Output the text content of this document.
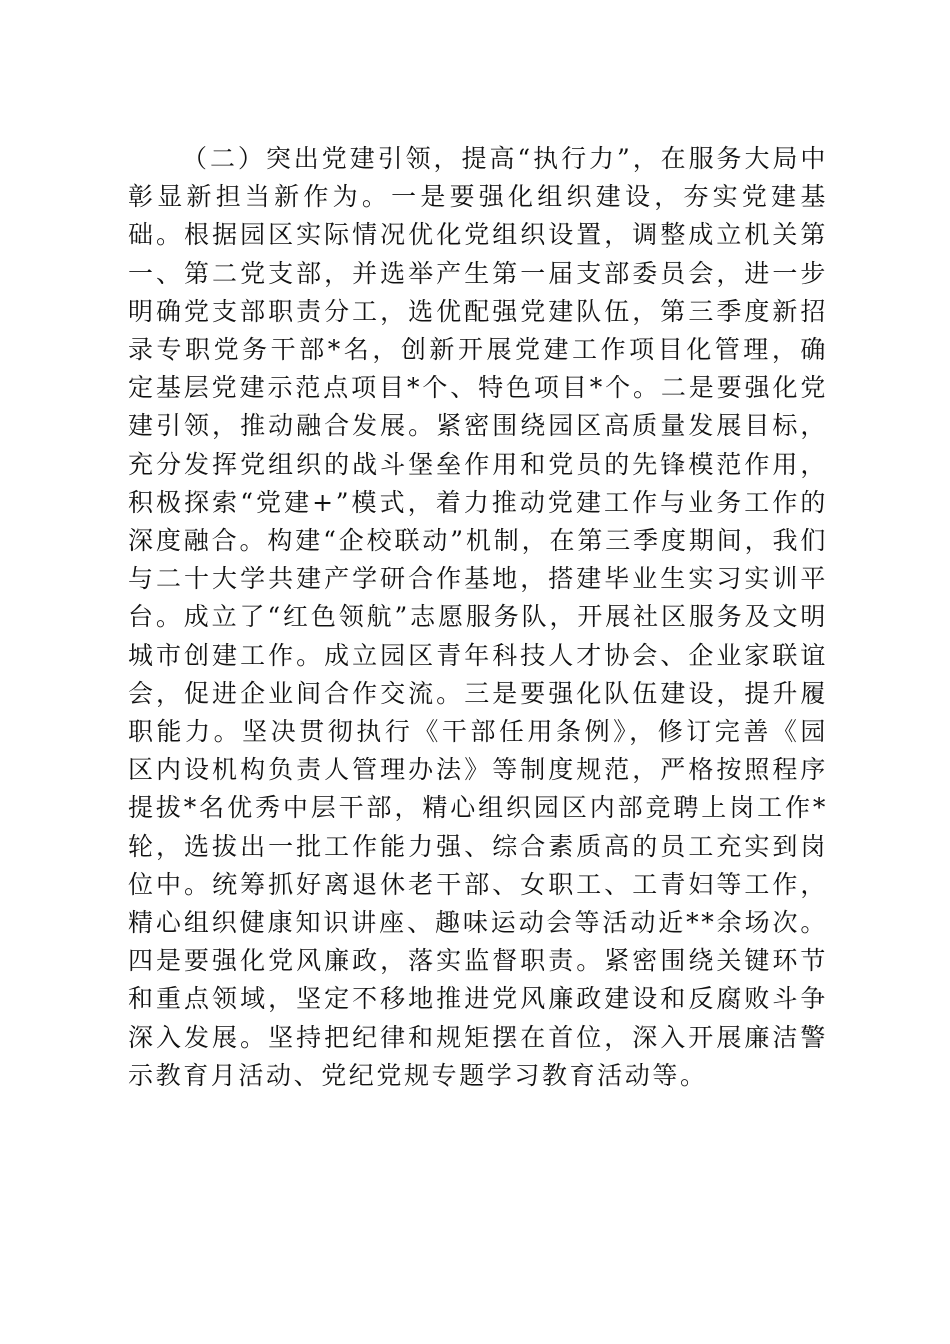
（二）突出党建引领，提高“执行力”，在服务大局中彰显新担当新作为。一是要强化组织建设，夯实党建基础。根据园区实际情况优化党组织设置，调整成立机关第一、第二党支部，并选举产生第一届支部委员会，进一步明确党支部职责分工，选优配强党建队伍，第三季度新招录专职党务干部*名，创新开展党建工作项目化管理，确定基层党建示范点项目*个、特色项目*个。二是要强化党建引领，推动融合发展。紧密围绕园区高质量发展目标，充分发挥党组织的战斗堡垒作用和党员的先锋模范作用，积极探索“党建+”模式，着力推动党建工作与业务工作的深度融合。构建“企校联动”机制，在第三季度期间，我们与二十大学共建产学研合作基地，搭建毕业生实习实训平台。成立了“红色领航”志愿服务队，开展社区服务及文明城市创建工作。成立园区青年科技人才协会、企业家联谊会，促进企业间合作交流。三是要强化队伍建设，提升履职能力。坚决贯彻执行《干部任用条例》，修订完善《园区内设机构负责人管理办法》等制度规范，严格按照程序提拔*名优秀中层干部，精心组织园区内部竞聘上岗工作*轮，选拔出一批工作能力强、综合素质高的员工充实到岗位中。统筹抓好离退休老干部、女职工、工青妇等工作，精心组织健康知识讲座、趣味运动会等活动近**余场次。四是要强化党风廉政，落实监督职责。紧密围绕关键环节和重点领域，坚定不移地推进党风廉政建设和反腐败斗争深入发展。坚持把纪律和规矩摆在首位，深入开展廉洁警示教育月活动、党纪党规专题学习教育活动等。
